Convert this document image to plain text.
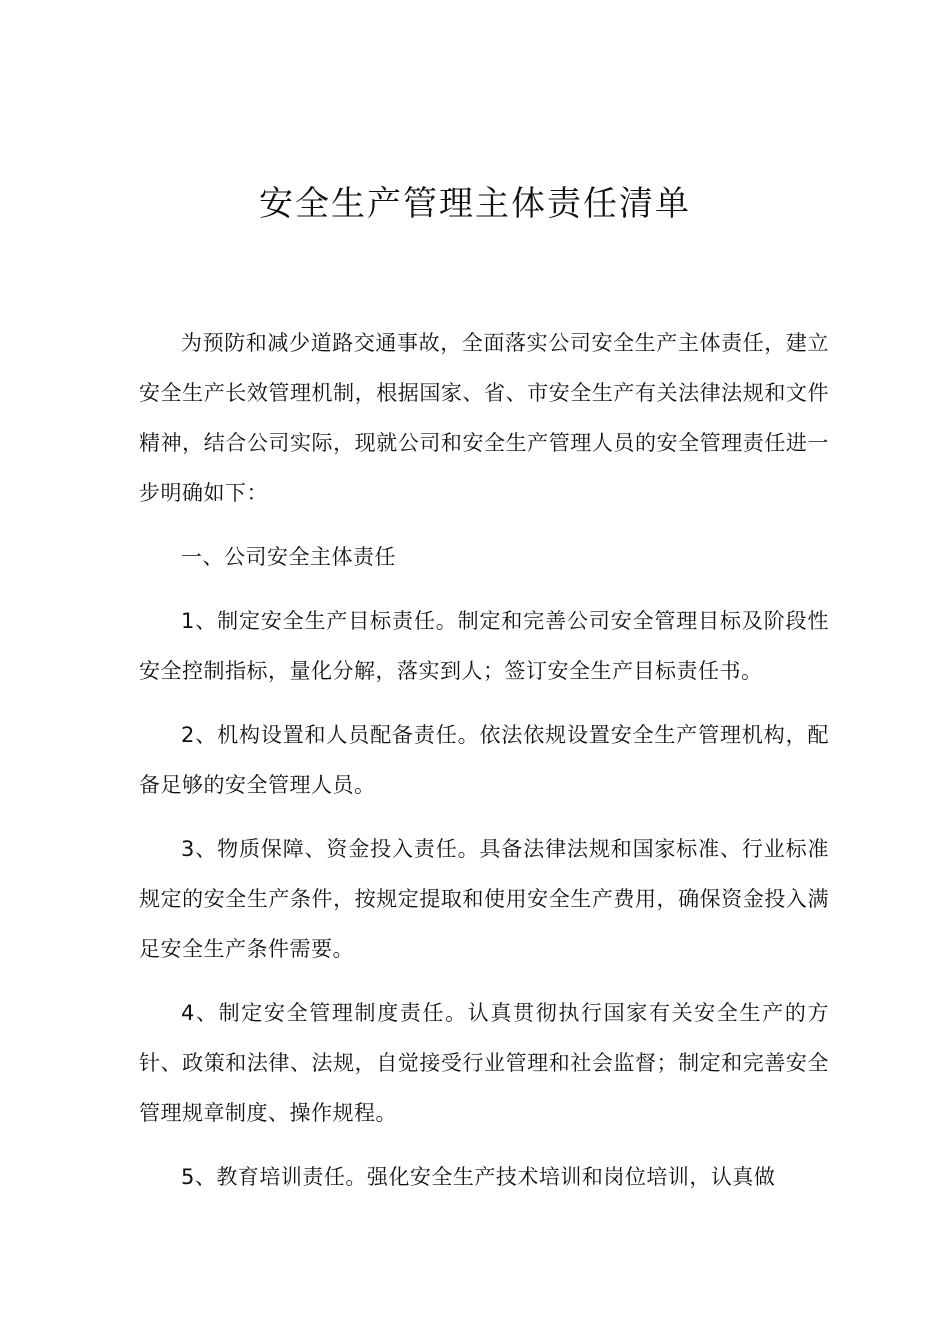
安全生产管理主体责任清单

为预防和减少道路交通事故，全面落实公司安全生产主体责任，建立安全生产长效管理机制，根据国家、省、市安全生产有关法律法规和文件精神，结合公司实际，现就公司和安全生产管理人员的安全管理责任进一步明确如下：

一、公司安全主体责任

1、制定安全生产目标责任。制定和完善公司安全管理目标及阶段性安全控制指标，量化分解，落实到人；签订安全生产目标责任书。

2、机构设置和人员配备责任。依法依规设置安全生产管理机构，配备足够的安全管理人员。

3、物质保障、资金投入责任。具备法律法规和国家标准、行业标准规定的安全生产条件，按规定提取和使用安全生产费用，确保资金投入满足安全生产条件需要。

4、制定安全管理制度责任。认真贯彻执行国家有关安全生产的方针、政策和法律、法规，自觉接受行业管理和社会监督；制定和完善安全管理规章制度、操作规程。

5、教育培训责任。强化安全生产技术培训和岗位培训，认真做
